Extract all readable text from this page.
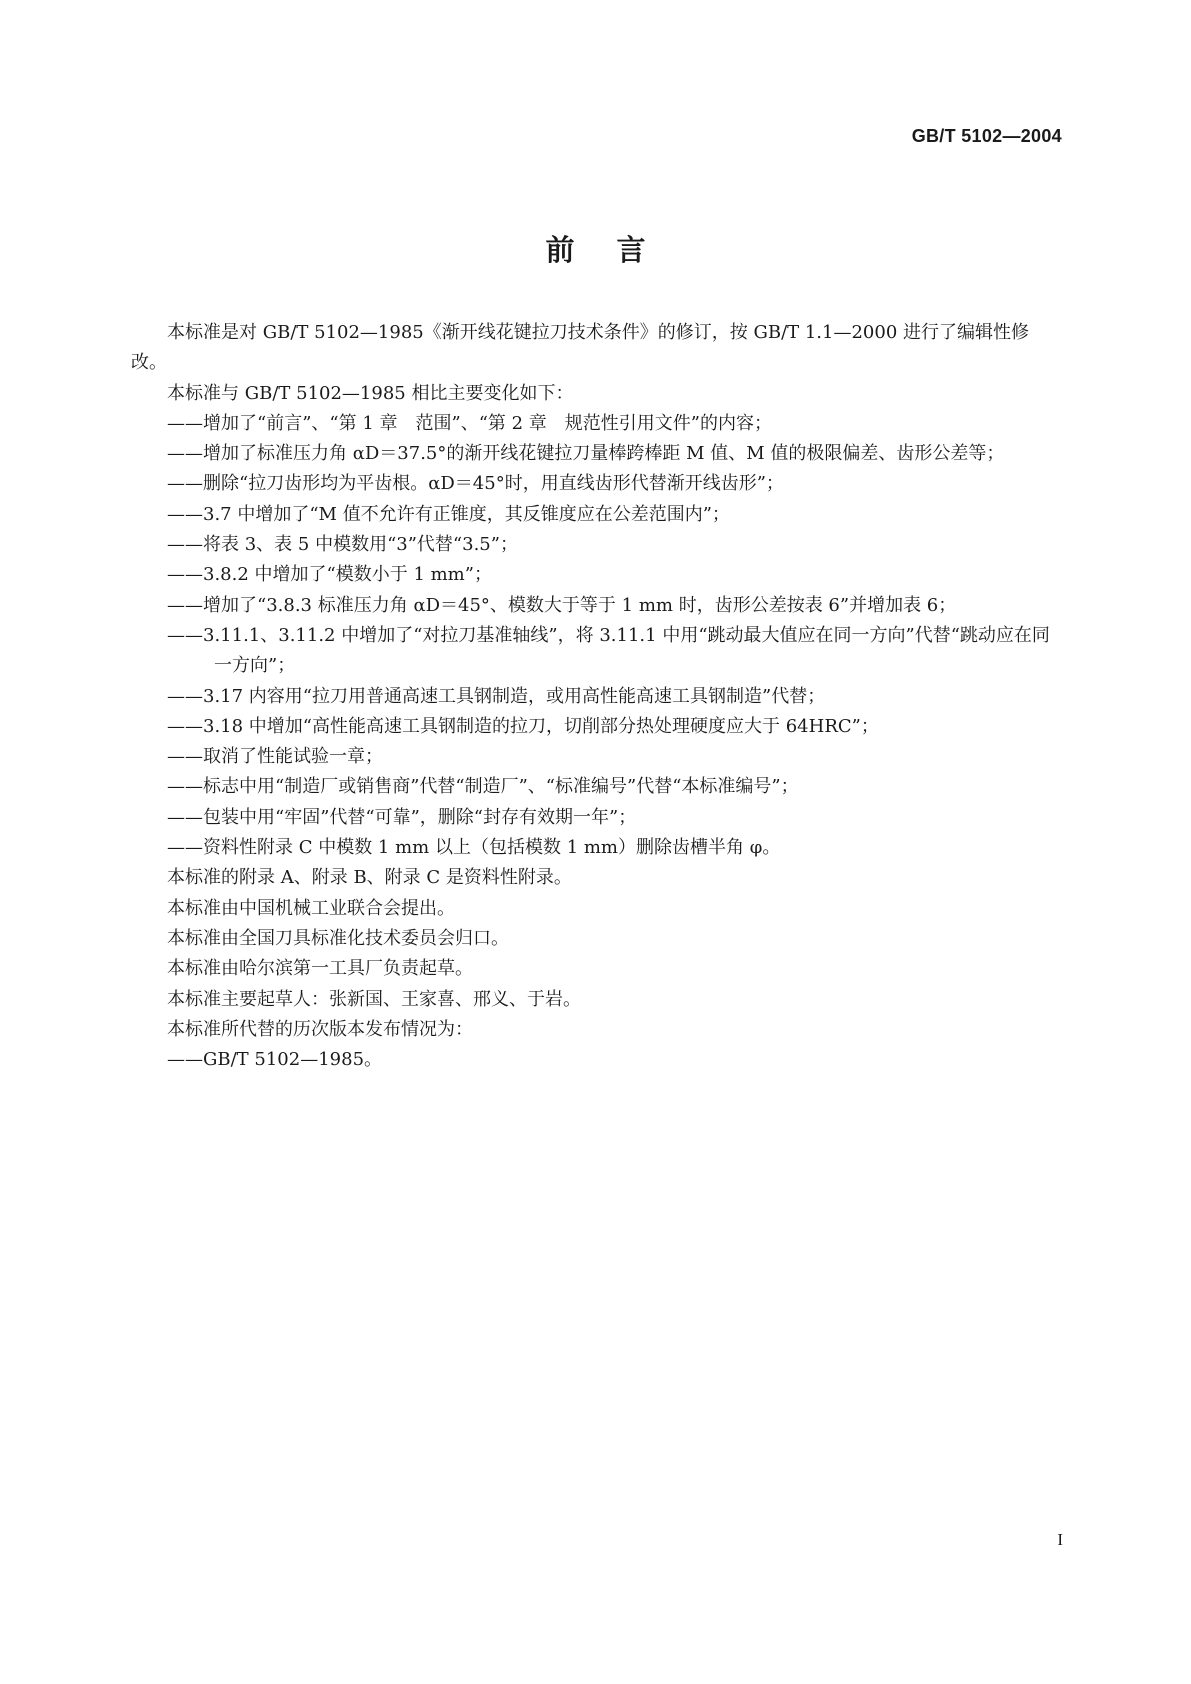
GB/T 5102—2004
前言

本标准是对 GB/T 5102—1985《渐开线花键拉刀技术条件》的修订，按 GB/T 1.1—2000 进行了编辑性修改。

本标准与 GB/T 5102—1985 相比主要变化如下：

——增加了“前言”、“第 1 章　范围”、“第 2 章　规范性引用文件”的内容；

——增加了标准压力角 αD＝37.5°的渐开线花键拉刀量棒跨棒距 M 值、M 值的极限偏差、齿形公差等；

——删除“拉刀齿形均为平齿根。αD＝45°时，用直线齿形代替渐开线齿形”；

——3.7 中增加了“M 值不允许有正锥度，其反锥度应在公差范围内”；

——将表 3、表 5 中模数用“3”代替“3.5”；

——3.8.2 中增加了“模数小于 1 mm”；

——增加了“3.8.3 标准压力角 αD＝45°、模数大于等于 1 mm 时，齿形公差按表 6”并增加表 6；

——3.11.1、3.11.2 中增加了“对拉刀基准轴线”，将 3.11.1 中用“跳动最大值应在同一方向”代替“跳动应在同一方向”；

——3.17 内容用“拉刀用普通高速工具钢制造，或用高性能高速工具钢制造”代替；

——3.18 中增加“高性能高速工具钢制造的拉刀，切削部分热处理硬度应大于 64HRC”；

——取消了性能试验一章；

——标志中用“制造厂或销售商”代替“制造厂”、“标准编号”代替“本标准编号”；

——包装中用“牢固”代替“可靠”，删除“封存有效期一年”；

——资料性附录 C 中模数 1 mm 以上（包括模数 1 mm）删除齿槽半角 φ。

本标准的附录 A、附录 B、附录 C 是资料性附录。

本标准由中国机械工业联合会提出。

本标准由全国刀具标准化技术委员会归口。

本标准由哈尔滨第一工具厂负责起草。

本标准主要起草人：张新国、王家喜、邢义、于岩。

本标准所代替的历次版本发布情况为：

——GB/T 5102—1985。

I
